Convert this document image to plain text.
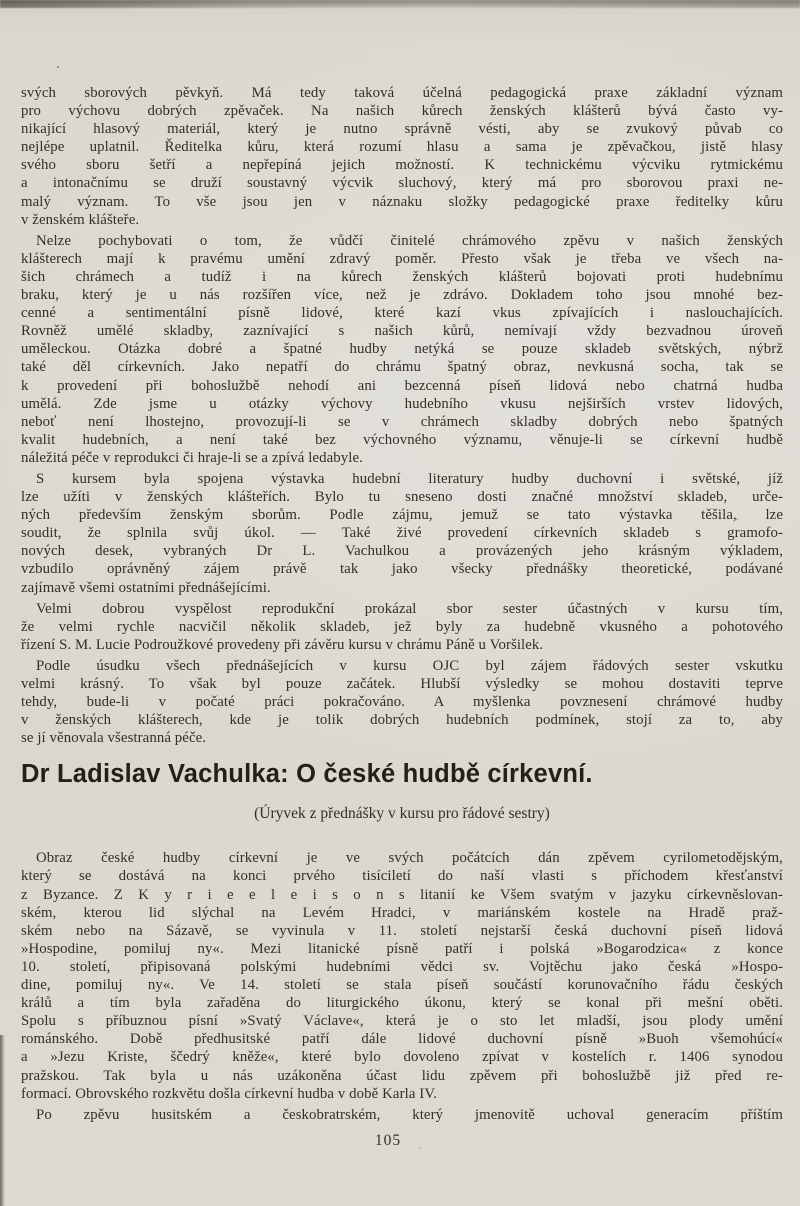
svých sborových pěvkyň. Má tedy taková účelná pedagogická praxe základní význam
pro výchovu dobrých zpěvaček. Na našich kůrech ženských klášterů bývá často vy-
nikající hlasový materiál, který je nutno správně vésti, aby se zvukový půvab co
nejlépe uplatnil. Ředitelka kůru, která rozumí hlasu a sama je zpěvačkou, jistě hlasy
svého sboru šetří a nepřepíná jejich možností. K technickému výcviku rytmickému
a intonačnímu se druží soustavný výcvik sluchový, který má pro sborovou praxi ne-
malý význam. To vše jsou jen v náznaku složky pedagogické praxe ředitelky kůru
v ženském klášteře.

Nelze pochybovati o tom, že vůdčí činitelé chrámového zpěvu v našich ženských
klášterech mají k pravému umění zdravý poměr. Přesto však je třeba ve všech na-
šich chrámech a tudíž i na kůrech ženských klášterů bojovati proti hudebnímu
braku, který je u nás rozšířen více, než je zdrávo. Dokladem toho jsou mnohé bez-
cenné a sentimentální písně lidové, které kazí vkus zpívajících i naslouchajících.
Rovněž umělé skladby, zaznívající s našich kůrů, nemívají vždy bezvadnou úroveň
uměleckou. Otázka dobré a špatné hudby netýká se pouze skladeb světských, nýbrž
také děl církevních. Jako nepatří do chrámu špatný obraz, nevkusná socha, tak se
k provedení při bohoslužbě nehodí ani bezcenná píseň lidová nebo chatrná hudba
umělá. Zde jsme u otázky výchovy hudebního vkusu nejširších vrstev lidových,
neboť není lhostejno, provozují-li se v chrámech skladby dobrých nebo špatných
kvalit hudebních, a není také bez výchovného významu, věnuje-li se církevní hudbě
náležitá péče v reprodukci či hraje-li se a zpívá ledabyle.

S kursem byla spojena výstavka hudební literatury hudby duchovní i světské, jíž
lze užíti v ženských klášteřích. Bylo tu sneseno dosti značné množství skladeb, urče-
ných především ženským sborům. Podle zájmu, jemuž se tato výstavka těšila, lze
soudit, že splnila svůj úkol. — Také živé provedení církevních skladeb s gramofo-
nových desek, vybraných Dr L. Vachulkou a provázených jeho krásným výkladem,
vzbudilo oprávněný zájem právě tak jako všecky přednášky theoretické, podávané
zajímavě všemi ostatními přednášejícími.

Velmi dobrou vyspělost reprodukční prokázal sbor sester účastných v kursu tím,
že velmi rychle nacvičil několik skladeb, jež byly za hudebně vkusného a pohotového
řízení S. M. Lucie Podroužkové provedeny při závěru kursu v chrámu Páně u Voršilek.

Podle úsudku všech přednášejících v kursu OJC byl zájem řádových sester vskutku
velmi krásný. To však byl pouze začátek. Hlubší výsledky se mohou dostaviti teprve
tehdy, bude-li v počaté práci pokračováno. A myšlenka povznesení chrámové hudby
v ženských klášterech, kde je tolik dobrých hudebních podmínek, stojí za to, aby
se jí věnovala všestranná péče.

Dr Ladislav Vachulka: O české hudbě církevní.
(Úryvek z přednášky v kursu pro řádové sestry)

Obraz české hudby církevní je ve svých počátcích dán zpěvem cyrilometodějským,
který se dostává na konci prvého tisíciletí do naší vlasti s příchodem křesťanství
z Byzance. Z K y r i e e l e i s o n s litanií ke Všem svatým v jazyku církevněslovan-
ském, kterou lid slýchal na Levém Hradci, v mariánském kostele na Hradě praž-
ském nebo na Sázavě, se vyvinula v 11. století nejstarší česká duchovní píseň lidová
»Hospodine, pomiluj ny«. Mezi litanické písně patří i polská »Bogarodzica« z konce
10. století, připisovaná polskými hudebními vědci sv. Vojtěchu jako česká »Hospo-
dine, pomiluj ny«. Ve 14. století se stala píseň součástí korunovačního řádu českých
králů a tím byla zařaděna do liturgického úkonu, který se konal při mešní oběti.
Spolu s příbuznou písní »Svatý Václave«, která je o sto let mladší, jsou plody umění
románského. Době předhusitské patří dále lidové duchovní písně »Buoh všemohúcí«
a »Jezu Kriste, ščedrý kněže«, které bylo dovoleno zpívat v kostelích r. 1406 synodou
pražskou. Tak byla u nás uzákoněna účast lidu zpěvem při bohoslužbě již před re-
formací. Obrovského rozkvětu došla církevní hudba v době Karla IV.

Po zpěvu husitském a českobratrském, který jmenovitě uchoval generacím příštím

105
